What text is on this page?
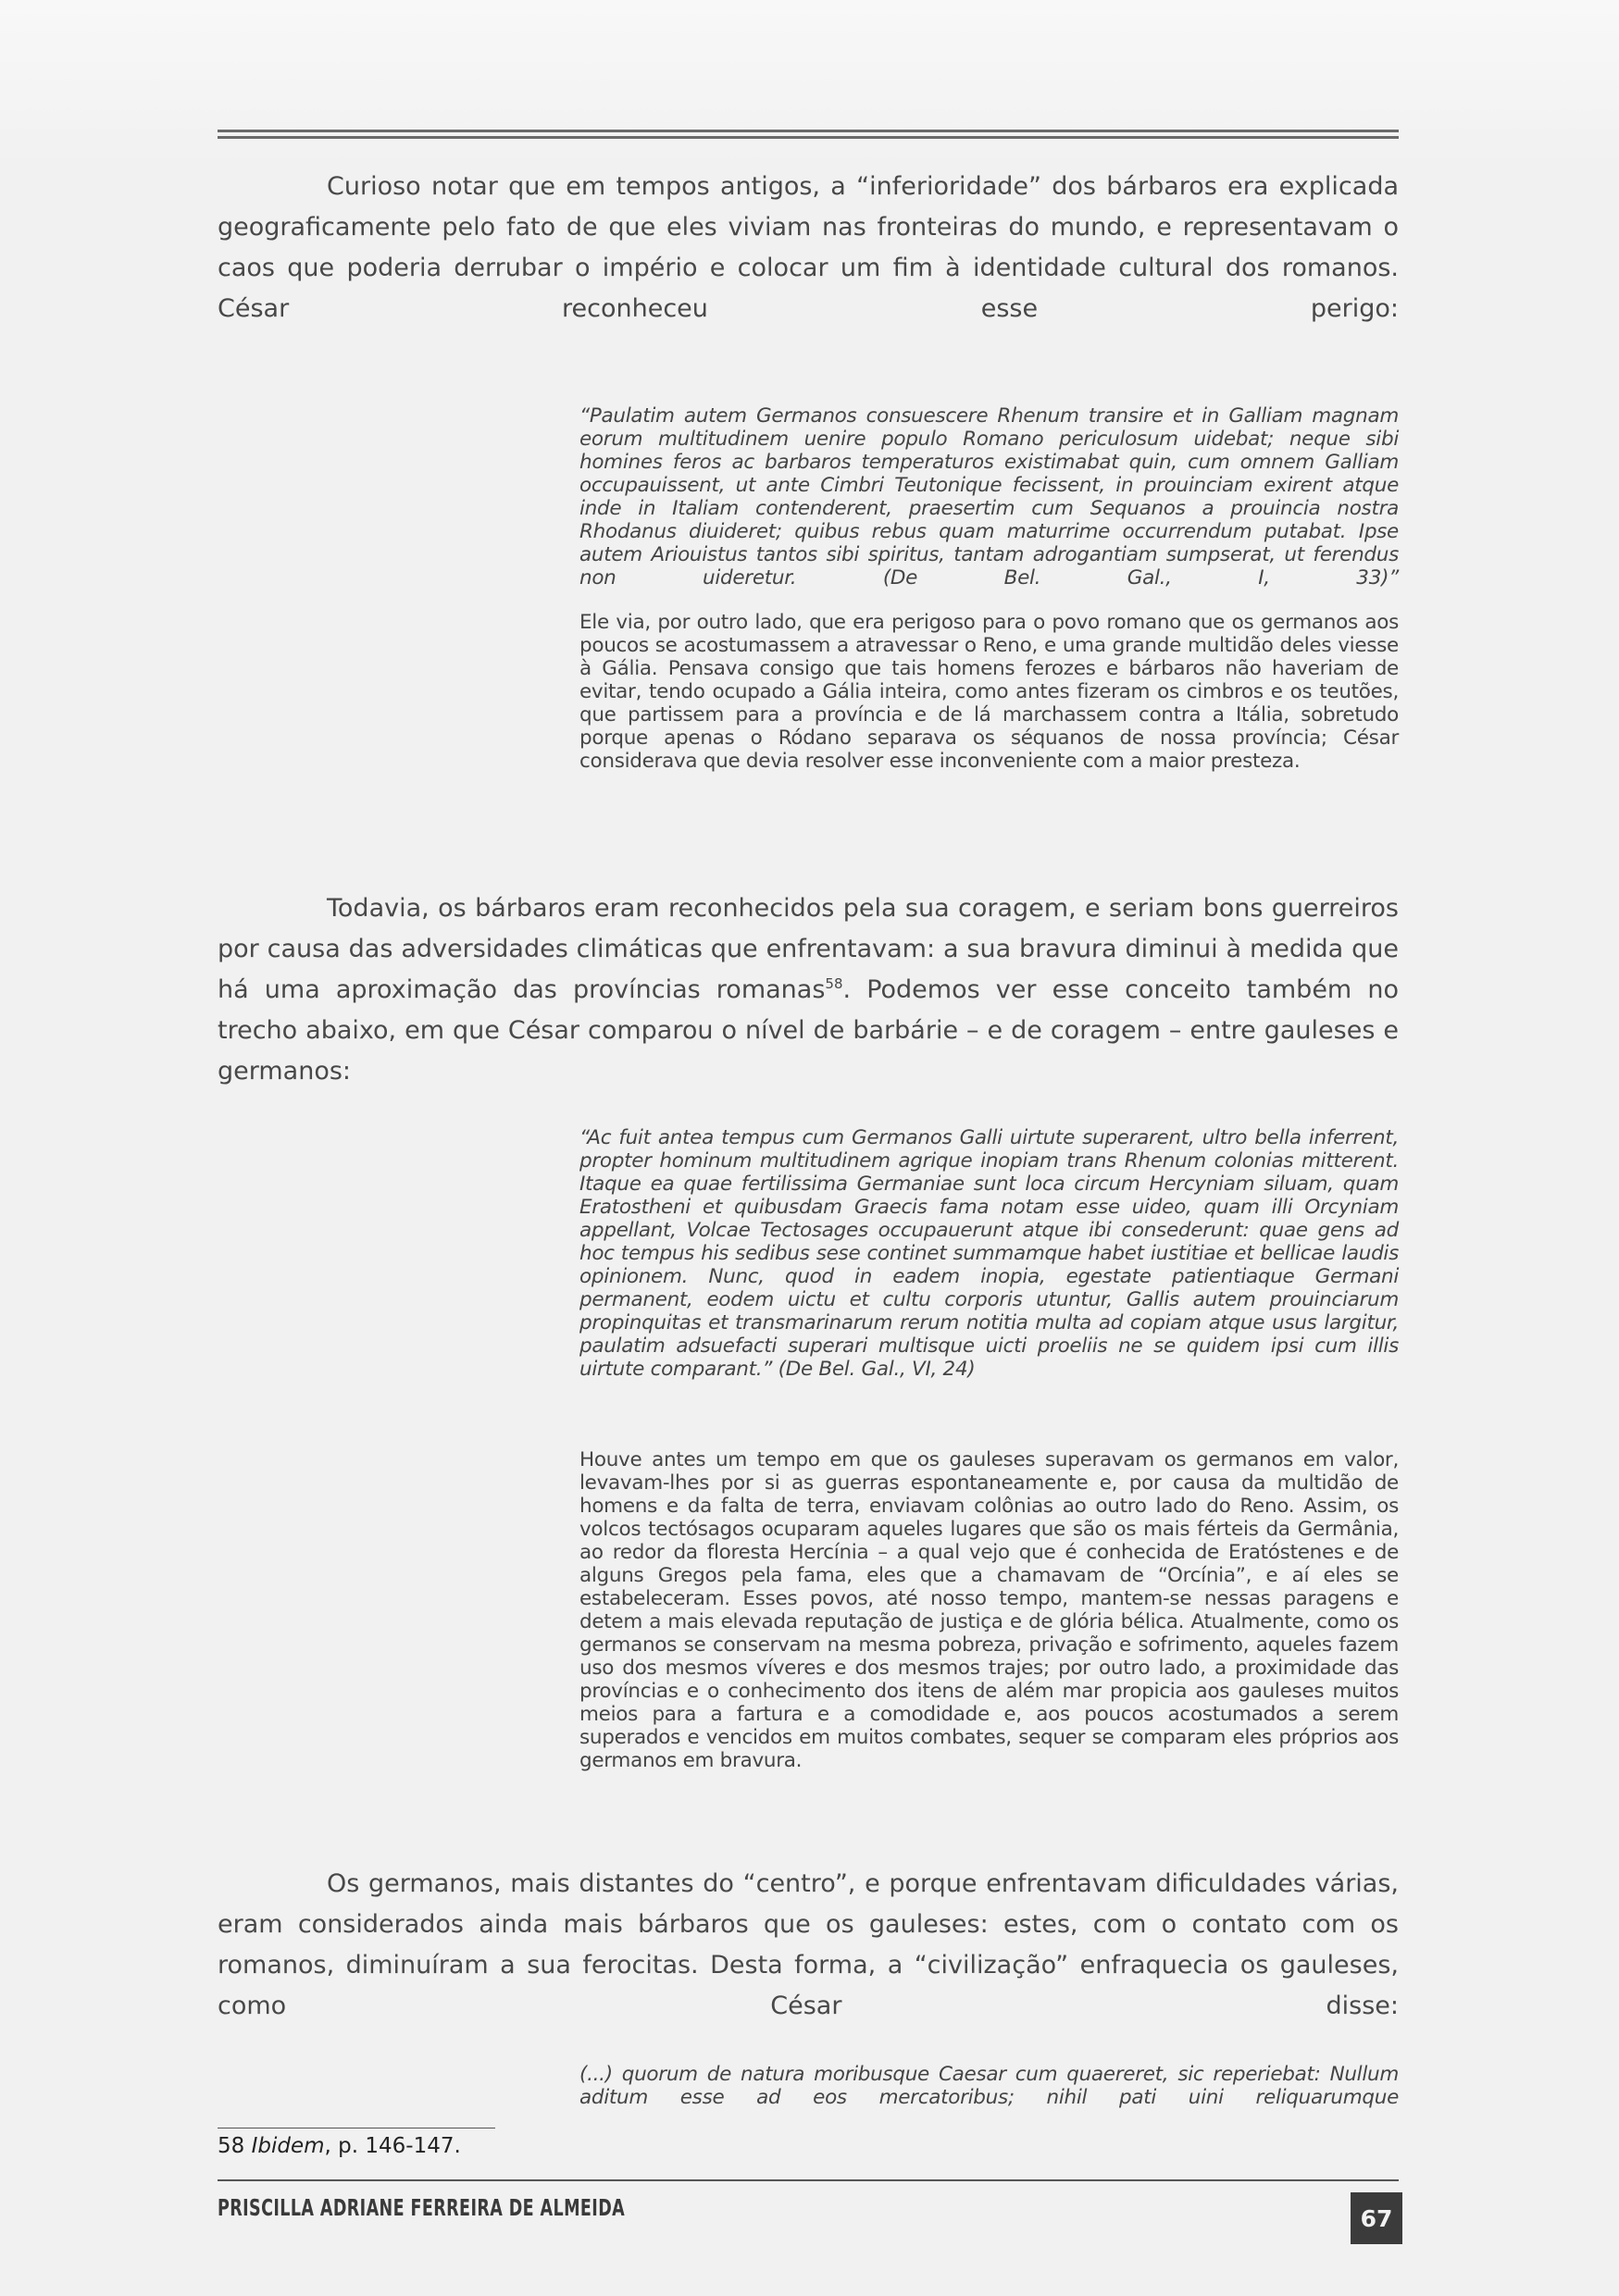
Curioso notar que em tempos antigos, a “inferioridade” dos bárbaros era explicada geograficamente pelo fato de que eles viviam nas fronteiras do mundo, e representavam o caos que poderia derrubar o império e colocar um fim à identidade cultural dos romanos. César reconheceu esse perigo:

“Paulatim autem Germanos consuescere Rhenum transire et in Galliam magnam eorum multitudinem uenire populo Romano periculosum uidebat; neque sibi homines feros ac barbaros temperaturos existimabat quin, cum omnem Galliam occupauissent, ut ante Cimbri Teutonique fecissent, in prouinciam exirent atque inde in Italiam contenderent, praesertim cum Sequanos a prouincia nostra Rhodanus diuideret; quibus rebus quam maturrime occurrendum putabat. Ipse autem Ariouistus tantos sibi spiritus, tantam adrogantiam sumpserat, ut ferendus non uideretur. (De Bel. Gal., I, 33)”

Ele via, por outro lado, que era perigoso para o povo romano que os germanos aos poucos se acostumassem a atravessar o Reno, e uma grande multidão deles viesse à Gália. Pensava consigo que tais homens ferozes e bárbaros não haveriam de evitar, tendo ocupado a Gália inteira, como antes fizeram os cimbros e os teutões, que partissem para a província e de lá marchassem contra a Itália, sobretudo porque apenas o Ródano separava os séquanos de nossa província; César considerava que devia resolver esse inconveniente com a maior presteza.

Todavia, os bárbaros eram reconhecidos pela sua coragem, e seriam bons guerreiros por causa das adversidades climáticas que enfrentavam: a sua bravura diminui à medida que há uma aproximação das províncias romanas$^{58}$. Podemos ver esse conceito também no trecho abaixo, em que César comparou o nível de barbárie – e de coragem – entre gauleses e germanos:

“Ac fuit antea tempus cum Germanos Galli uirtute superarent, ultro bella inferrent, propter hominum multitudinem agrique inopiam trans Rhenum colonias mitterent. Itaque ea quae fertilissima Germaniae sunt loca circum Hercyniam siluam, quam Eratostheni et quibusdam Graecis fama notam esse uideo, quam illi Orcyniam appellant, Volcae Tectosages occupauerunt atque ibi consederunt: quae gens ad hoc tempus his sedibus sese continet summamque habet iustitiae et bellicae laudis opinionem. Nunc, quod in eadem inopia, egestate patientiaque Germani permanent, eodem uictu et cultu corporis utuntur, Gallis autem prouinciarum propinquitas et transmarinarum rerum notitia multa ad copiam atque usus largitur, paulatim adsuefacti superari multisque uicti proeliis ne se quidem ipsi cum illis uirtute comparant.” (De Bel. Gal., VI, 24)

Houve antes um tempo em que os gauleses superavam os germanos em valor, levavam-lhes por si as guerras espontaneamente e, por causa da multidão de homens e da falta de terra, enviavam colônias ao outro lado do Reno. Assim, os volcos tectósagos ocuparam aqueles lugares que são os mais férteis da Germânia, ao redor da floresta Hercínia – a qual vejo que é conhecida de Eratóstenes e de alguns Gregos pela fama, eles que a chamavam de “Orcínia”, e aí eles se estabeleceram. Esses povos, até nosso tempo, mantem-se nessas paragens e detem a mais elevada reputação de justiça e de glória bélica. Atualmente, como os germanos se conservam na mesma pobreza, privação e sofrimento, aqueles fazem uso dos mesmos víveres e dos mesmos trajes; por outro lado, a proximidade das províncias e o conhecimento dos itens de além mar propicia aos gauleses muitos meios para a fartura e a comodidade e, aos poucos acostumados a serem superados e vencidos em muitos combates, sequer se comparam eles próprios aos germanos em bravura.

Os germanos, mais distantes do “centro”, e porque enfrentavam dificuldades várias, eram considerados ainda mais bárbaros que os gauleses: estes, com o contato com os romanos, diminuíram a sua ferocitas. Desta forma, a “civilização” enfraquecia os gauleses, como César disse:

(...) quorum de natura moribusque Caesar cum quaereret, sic reperiebat: Nullum aditum esse ad eos mercatoribus; nihil pati uini reliquarumque

58 Ibidem, p. 146-147.
PRISCILLA ADRIANE FERREIRA DE ALMEIDA	67
